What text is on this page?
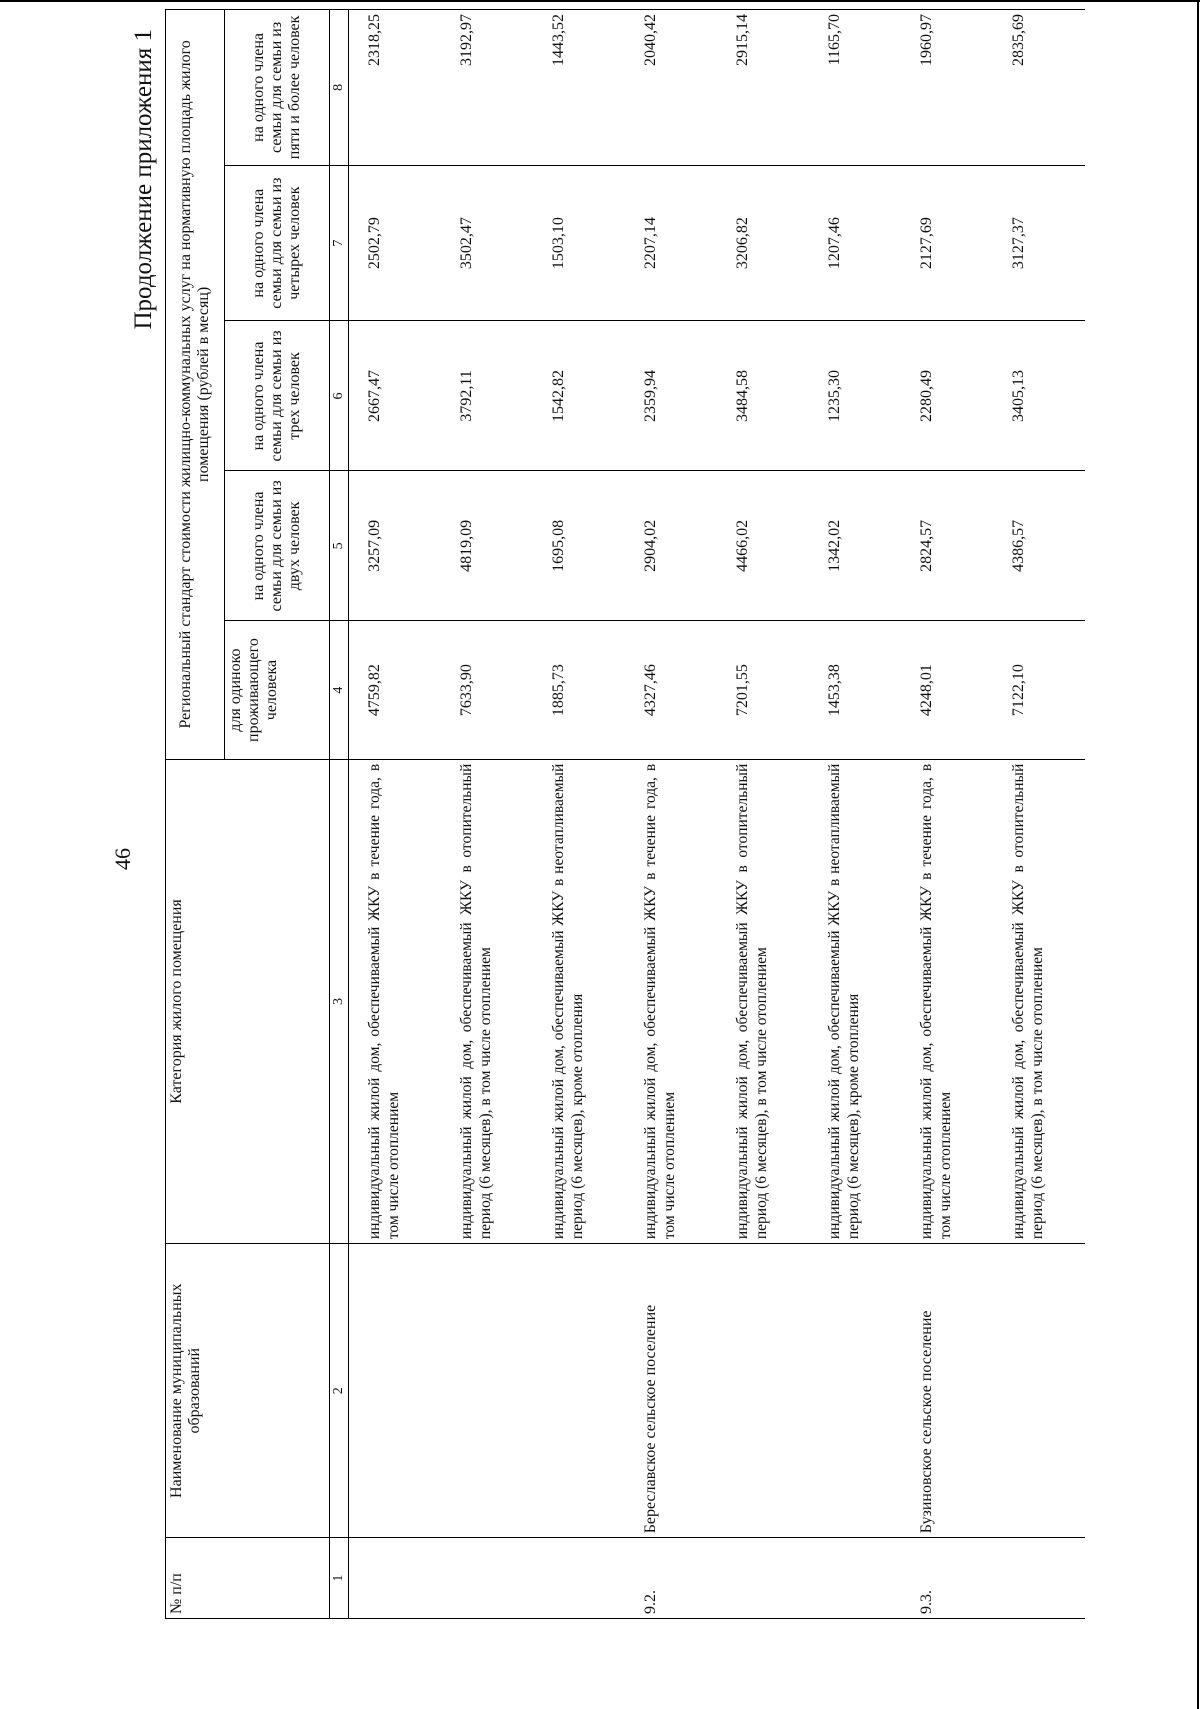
46
Продолжение приложения 1
№ п/п	Наименование муниципальных образований	Категория жилого помещения	Региональный стандарт стоимости жилищно-коммунальных услуг на нормативную площадь жилого помещения (рублей в месяц)				
			для одиноко проживающего человека	на одного члена семьи для семьи из двух человек	на одного члена семьи для семьи из трех человек	на одного члена семьи для семьи из четырех человек	на одного члена семьи для семьи из пяти и более человек
1	2	3	4	5	6	7	8
		индивидуальный жилой дом, обеспечиваемый ЖКУ в течение года, в том числе отоплением	4759,82	3257,09	2667,47	2502,79	2318,25
		индивидуальный жилой дом, обеспечиваемый ЖКУ в отопительный период (6 месяцев), в том числе отоплением	7633,90	4819,09	3792,11	3502,47	3192,97
		индивидуальный жилой дом, обеспечиваемый ЖКУ в неотапливаемый период (6 месяцев), кроме отопления	1885,73	1695,08	1542,82	1503,10	1443,52
9.2.	Береславское сельское поселение	индивидуальный жилой дом, обеспечиваемый ЖКУ в течение года, в том числе отоплением	4327,46	2904,02	2359,94	2207,14	2040,42
		индивидуальный жилой дом, обеспечиваемый ЖКУ в отопительный период (6 месяцев), в том числе отоплением	7201,55	4466,02	3484,58	3206,82	2915,14
		индивидуальный жилой дом, обеспечиваемый ЖКУ в неотапливаемый период (6 месяцев), кроме отопления	1453,38	1342,02	1235,30	1207,46	1165,70
9.3.	Бузиновское сельское поселение	индивидуальный жилой дом, обеспечиваемый ЖКУ в течение года, в том числе отоплением	4248,01	2824,57	2280,49	2127,69	1960,97
		индивидуальный жилой дом, обеспечиваемый ЖКУ в отопительный период (6 месяцев), в том числе отоплением	7122,10	4386,57	3405,13	3127,37	2835,69
